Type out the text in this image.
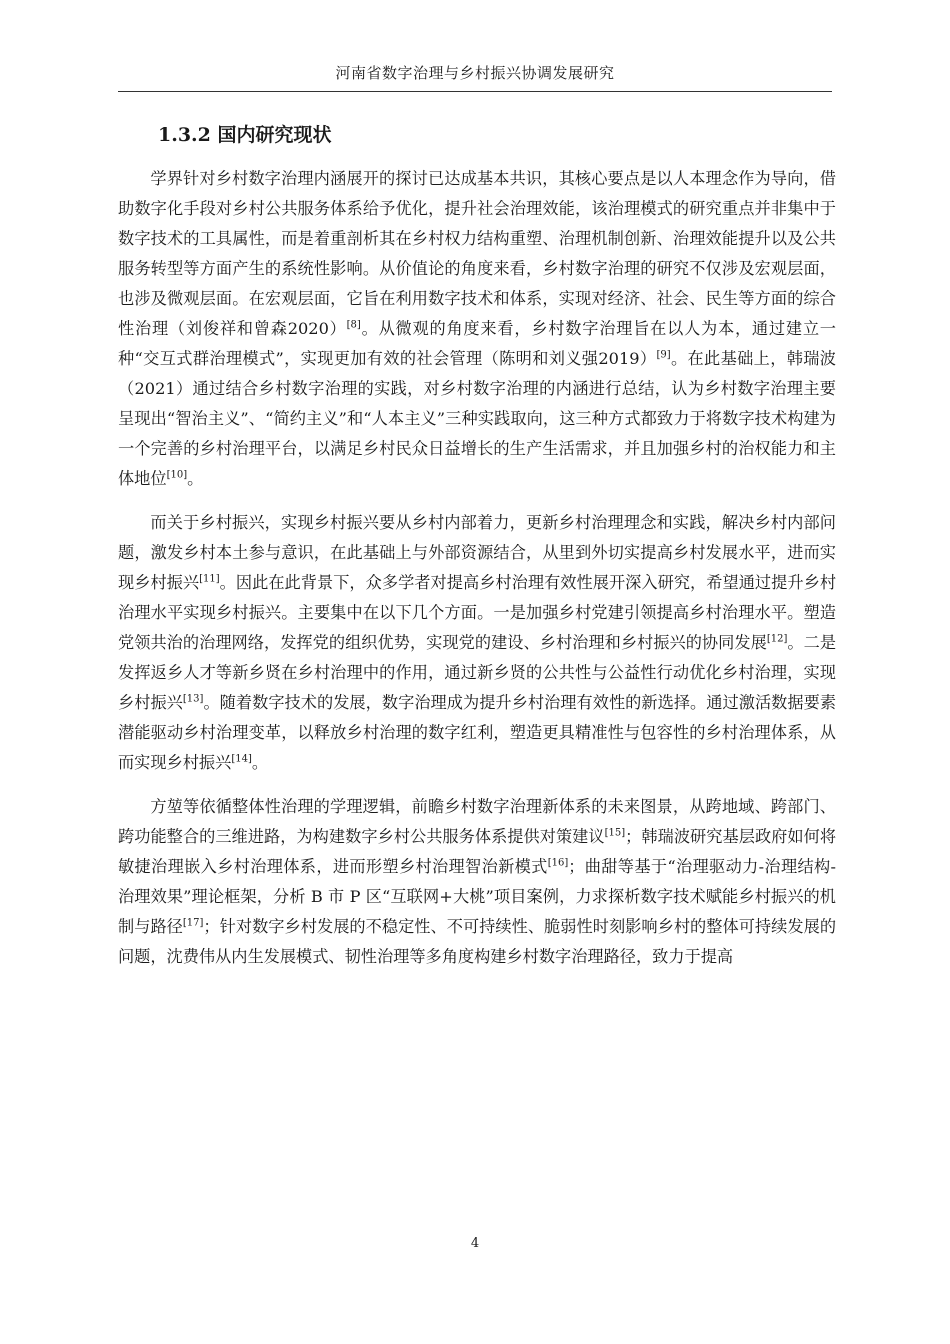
河南省数字治理与乡村振兴协调发展研究
1.3.2 国内研究现状

学界针对乡村数字治理内涵展开的探讨已达成基本共识，其核心要点是以人本理念作为导向，借助数字化手段对乡村公共服务体系给予优化，提升社会治理效能，该治理模式的研究重点并非集中于数字技术的工具属性，而是着重剖析其在乡村权力结构重塑、治理机制创新、治理效能提升以及公共服务转型等方面产生的系统性影响。从价值论的角度来看，乡村数字治理的研究不仅涉及宏观层面，也涉及微观层面。在宏观层面，它旨在利用数字技术和体系，实现对经济、社会、民生等方面的综合性治理（刘俊祥和曾森2020）[8]。从微观的角度来看，乡村数字治理旨在以人为本，通过建立一种“交互式群治理模式”，实现更加有效的社会管理（陈明和刘义强2019）[9]。在此基础上，韩瑞波（2021）通过结合乡村数字治理的实践，对乡村数字治理的内涵进行总结，认为乡村数字治理主要呈现出“智治主义”、“简约主义”和“人本主义”三种实践取向，这三种方式都致力于将数字技术构建为一个完善的乡村治理平台，以满足乡村民众日益增长的生产生活需求，并且加强乡村的治权能力和主体地位[10]。

而关于乡村振兴，实现乡村振兴要从乡村内部着力，更新乡村治理理念和实践，解决乡村内部问题，激发乡村本土参与意识，在此基础上与外部资源结合，从里到外切实提高乡村发展水平，进而实现乡村振兴[11]。因此在此背景下，众多学者对提高乡村治理有效性展开深入研究，希望通过提升乡村治理水平实现乡村振兴。主要集中在以下几个方面。一是加强乡村党建引领提高乡村治理水平。塑造党领共治的治理网络，发挥党的组织优势，实现党的建设、乡村治理和乡村振兴的协同发展[12]。二是发挥返乡人才等新乡贤在乡村治理中的作用，通过新乡贤的公共性与公益性行动优化乡村治理，实现乡村振兴[13]。随着数字技术的发展，数字治理成为提升乡村治理有效性的新选择。通过激活数据要素潜能驱动乡村治理变革，以释放乡村治理的数字红利，塑造更具精准性与包容性的乡村治理体系，从而实现乡村振兴[14]。

方堃等依循整体性治理的学理逻辑，前瞻乡村数字治理新体系的未来图景，从跨地域、跨部门、跨功能整合的三维进路，为构建数字乡村公共服务体系提供对策建议[15]；韩瑞波研究基层政府如何将敏捷治理嵌入乡村治理体系，进而形塑乡村治理智治新模式[16]；曲甜等基于“治理驱动力-治理结构-治理效果”理论框架，分析 B 市 P 区“互联网+大桃”项目案例，力求探析数字技术赋能乡村振兴的机制与路径[17]；针对数字乡村发展的不稳定性、不可持续性、脆弱性时刻影响乡村的整体可持续发展的问题，沈费伟从内生发展模式、韧性治理等多角度构建乡村数字治理路径，致力于提高

4
